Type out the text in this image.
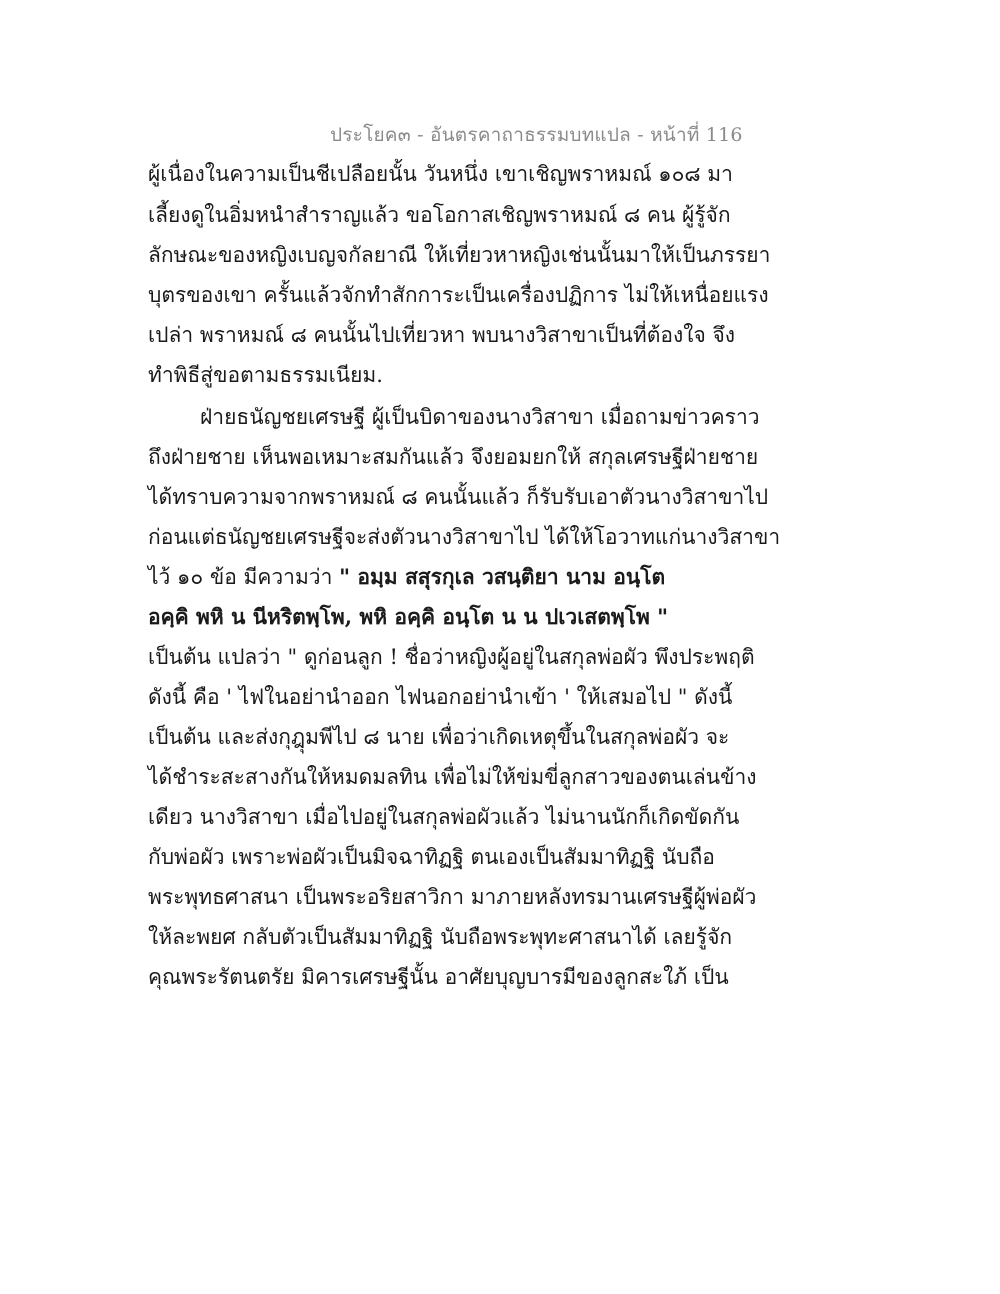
ประโยค๓ - อันตรคาถาธรรมบทแปล - หน้าที่ 116
ผู้เนื่องในความเป็นชีเปลือยนั้น วันหนึ่ง เขาเชิญพราหมณ์ ๑๐๘ มา
เลี้ยงดูในอิ่มหนำสำราญแล้ว ขอโอกาสเชิญพราหมณ์ ๘ คน ผู้รู้จัก
ลักษณะของหญิงเบญจกัลยาณี ให้เที่ยวหาหญิงเช่นนั้นมาให้เป็นภรรยา
บุตรของเขา ครั้นแล้วจักทำสักการะเป็นเครื่องปฏิการ ไม่ให้เหนื่อยแรง
เปล่า พราหมณ์ ๘ คนนั้นไปเที่ยวหา พบนางวิสาขาเป็นที่ต้องใจ จึง
ทำพิธีสู่ขอตามธรรมเนียม.
ฝ่ายธนัญชยเศรษฐี ผู้เป็นบิดาของนางวิสาขา เมื่อถามข่าวคราว
ถึงฝ่ายชาย เห็นพอเหมาะสมกันแล้ว จึงยอมยกให้ สกุลเศรษฐีฝ่ายชาย
ได้ทราบความจากพราหมณ์ ๘ คนนั้นแล้ว ก็รับรับเอาตัวนางวิสาขาไป
ก่อนแต่ธนัญชยเศรษฐีจะส่งตัวนางวิสาขาไป ได้ให้โอวาทแก่นางวิสาขา
ไว้ ๑๐ ข้อ มีความว่า " อมฺม สสุรกุเล วสนฺติยา นาม อนฺโต
อคฺคิ พหิ น นีหริตพฺโพ, พหิ อคฺคิ อนฺโต น น ปเวเสตพฺโพ "
เป็นต้น แปลว่า " ดูก่อนลูก ! ชื่อว่าหญิงผู้อยู่ในสกุลพ่อผัว พึงประพฤติ
ดังนี้ คือ ' ไฟในอย่านำออก ไฟนอกอย่านำเข้า ' ให้เสมอไป " ดังนี้
เป็นต้น และส่งกุฎุมพีไป ๘ นาย เพื่อว่าเกิดเหตุขึ้นในสกุลพ่อผัว จะ
ได้ชำระสะสางกันให้หมดมลทิน เพื่อไม่ให้ข่มขี่ลูกสาวของตนเล่นข้าง
เดียว นางวิสาขา เมื่อไปอยู่ในสกุลพ่อผัวแล้ว ไม่นานนักก็เกิดขัดกัน
กับพ่อผัว เพราะพ่อผัวเป็นมิจฉาทิฏฐิ ตนเองเป็นสัมมาทิฏฐิ นับถือ
พระพุทธศาสนา เป็นพระอริยสาวิกา มาภายหลังทรมานเศรษฐีผู้พ่อผัว
ให้ละพยศ กลับตัวเป็นสัมมาทิฏฐิ นับถือพระพุทะศาสนาได้ เลยรู้จัก
คุณพระรัตนตรัย มิคารเศรษฐีนั้น อาศัยบุญบารมีของลูกสะใภ้ เป็น
